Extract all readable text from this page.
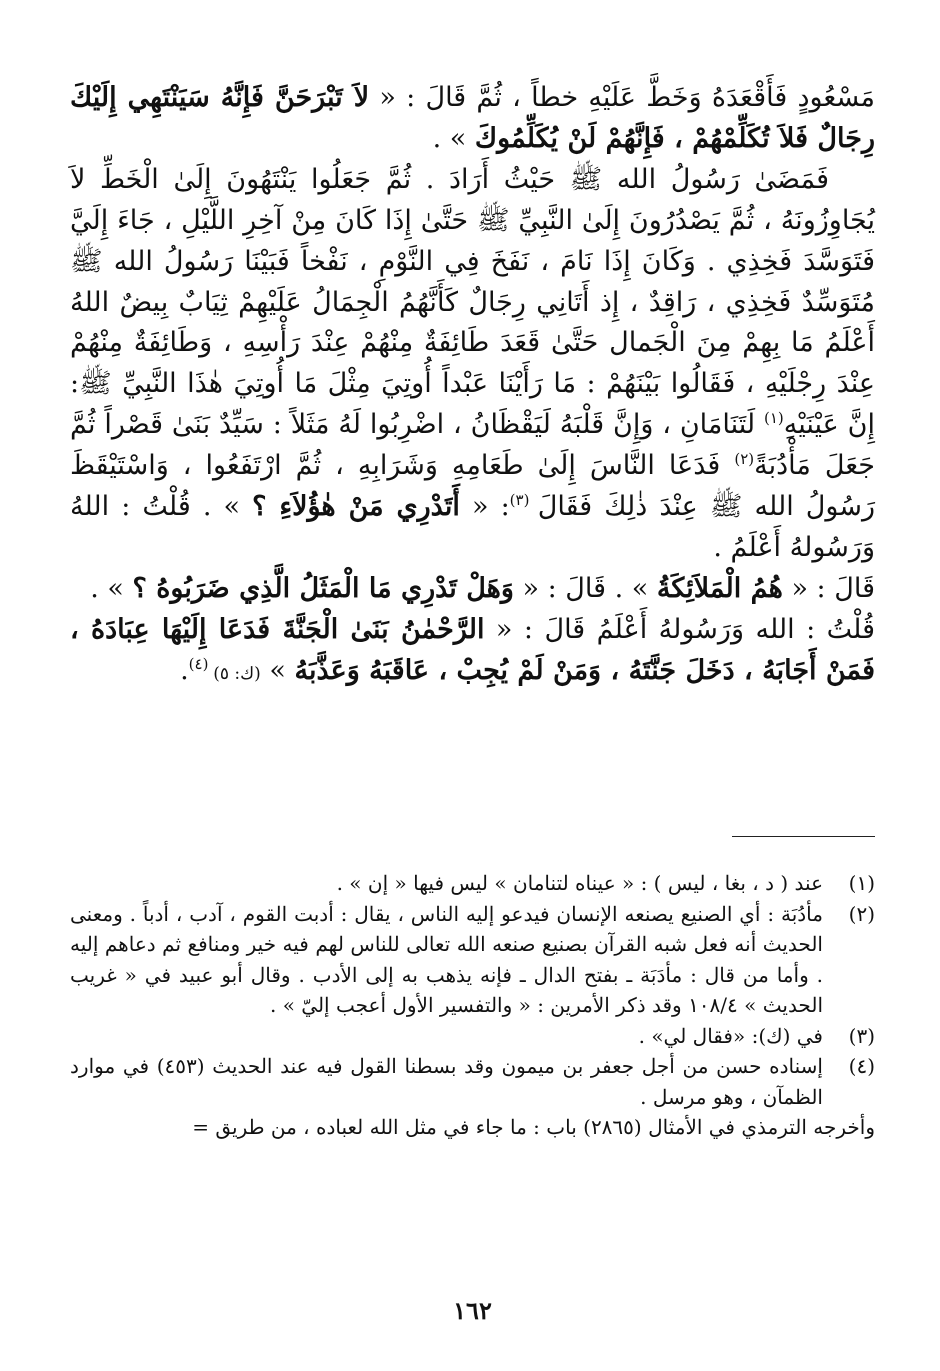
مَسْعُودٍ فَأَقْعَدَهُ وَخَطَّ عَلَيْهِ خطاً ، ثُمَّ قَالَ : « لاَ تَبْرَحَنَّ فَإِنَّهُ سَيَنْتَهِي إِلَيْكَ رِجَالٌ فَلاَ تُكَلِّمْهُمْ ، فَإِنَّهُمْ لَنْ يُكَلِّمُوكَ » .

فَمَضَىٰ رَسُولُ الله ﷺ حَيْثُ أَرَادَ . ثُمَّ جَعَلُوا يَنْتَهُونَ إِلَىٰ الْخَطِّ لاَ يُجَاوِزُونَهُ ، ثُمَّ يَصْدُرُونَ إِلَىٰ النَّبِيِّ ﷺ حَتَّىٰ إِذَا كَانَ مِنْ آخِرِ اللَّيْلِ ، جَاءَ إِلَيَّ فَتَوَسَّدَ فَخِذِي . وَكَانَ إِذَا نَامَ ، نَفَخَ فِي النَّوْمِ ، نَفْخاً فَبَيْنَا رَسُولُ الله ﷺ مُتَوَسِّدٌ فَخِذِي ، رَاقِدٌ ، إِذ أَتَانِي رِجَالٌ كَأَنَّهُمُ الْجِمَالُ عَلَيْهِمْ ثِيَابٌ بِيضٌ اللهُ أَعْلَمُ مَا بِهِمْ مِنَ الْجَمال حَتَّىٰ قَعَدَ طَائِفَةٌ مِنْهُمْ عِنْدَ رَأْسِهِ ، وَطَائِفَةٌ مِنْهُمْ عِنْدَ رِجْلَيْهِ ، فَقَالُوا بَيْنَهُمْ : مَا رَأَيْنَا عَبْداً أُوتِيَ مِثْلَ مَا أُوتِيَ هٰذَا النَّبِيِّ ﷺ: إِنَّ عَيْنَيْهِ$^{(١)}$ لَتَنَامَانِ ، وَإِنَّ قَلْبَهُ لَيَقْظَانُ ، اضْرِبُوا لَهُ مَثَلاً : سَيِّدٌ بَنَىٰ قَصْراً ثُمَّ جَعَلَ مَأْدُبَةً$^{(٢)}$ فَدَعَا النَّاسَ إِلَىٰ طَعَامِهِ وَشَرَابِهِ ، ثُمَّ ارْتَفَعُوا ، وَاسْتَيْقَظَ رَسُولُ الله ﷺ عِنْدَ ذٰلِكَ فَقَالَ $^{(٣)}$: « أَتَدْرِي مَنْ هٰؤُلاَءِ ؟ » . قُلْتُ : اللهُ وَرَسُولهُ أَعْلَمُ .

قَالَ : « هُمُ الْمَلاَئِكَةُ » . قَالَ : « وَهَلْ تَدْرِي مَا الْمَثَلُ الَّذِي ضَرَبُوهُ ؟ » .

قُلْتُ : الله وَرَسُولهُ أَعْلَمُ قَالَ : « الرَّحْمٰنُ بَنَىٰ الْجَنَّةَ فَدَعَا إِلَيْهَا عِبَادَهُ ، فَمَنْ أَجَابَهُ ، دَخَلَ جَنَّتَهُ ، وَمَنْ لَمْ يُجِبْ ، عَاقَبَهُ وَعَذَّبَهُ » (ك: ٥) $^{(٤)}$.

(١)
عند ( د ، بغا ، ليس ) : « عيناه لتنامان » ليس فيها « إن » .
(٢)
مأدُبَة : أي الصنيع يصنعه الإنسان فيدعو إليه الناس ، يقال : أدبت القوم ، آدب ، أدباً . ومعنى الحديث أنه فعل شبه القرآن بصنيع صنعه الله تعالى للناس لهم فيه خير ومنافع ثم دعاهم إليه . وأما من قال : مأدَبَة ـ بفتح الدال ـ فإنه يذهب به إلى الأدب . وقال أبو عبيد في « غريب الحديث » ١٠٨/٤ وقد ذكر الأمرين : « والتفسير الأول أعجب إليّ » .
(٣)
في (ك): «فقال لي» .
(٤)
إسناده حسن من أجل جعفر بن ميمون وقد بسطنا القول فيه عند الحديث (٤٥٣) في موارد الظمآن ، وهو مرسل .

وأخرجه الترمذي في الأمثال (٢٨٦٥) باب : ما جاء في مثل الله لعباده ، من طريق =

١٦٢
